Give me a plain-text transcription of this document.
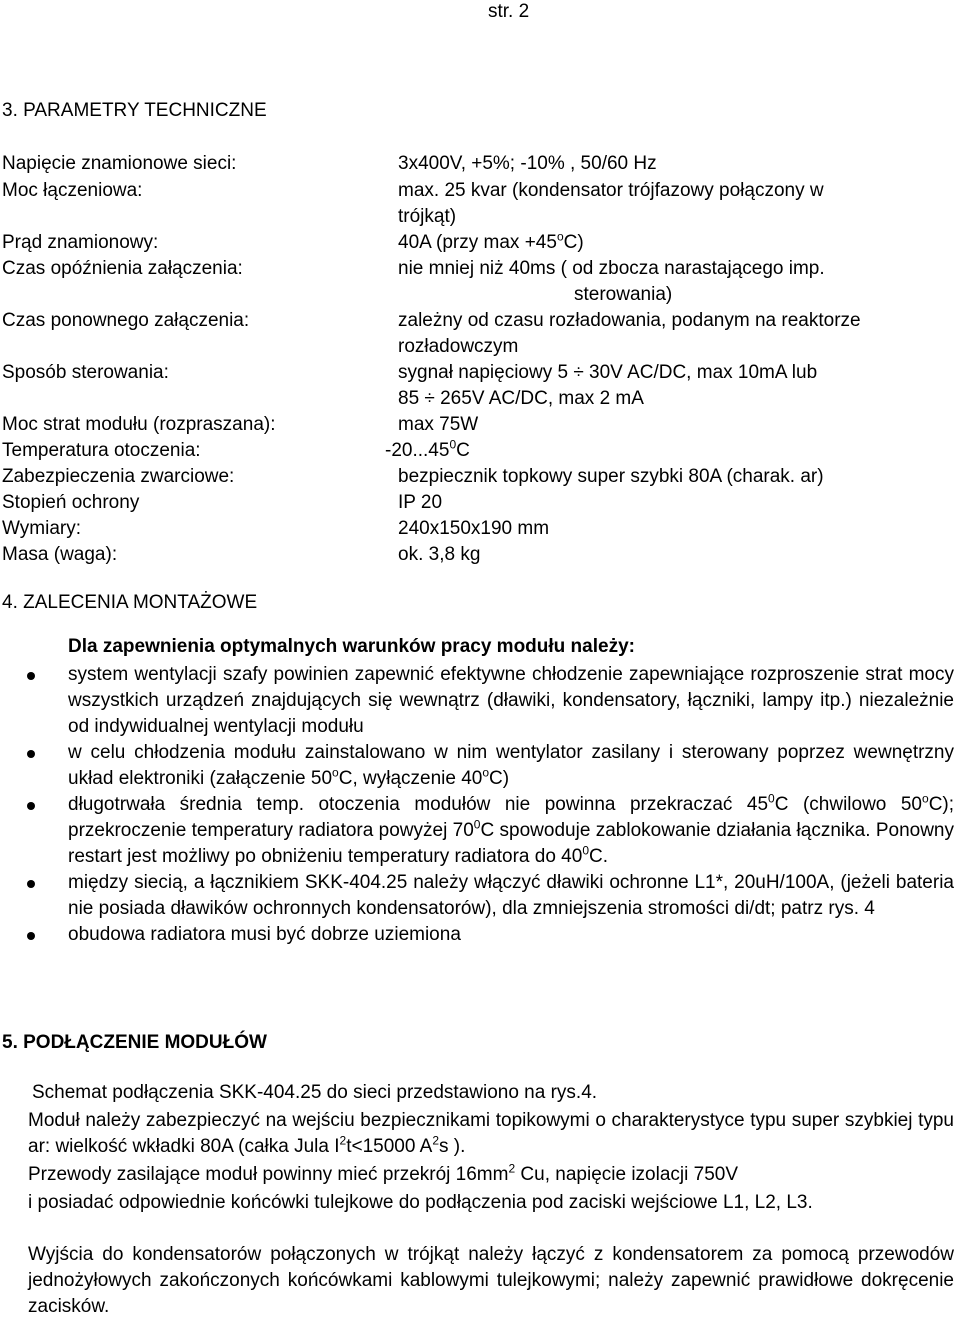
str. 2
3. PARAMETRY TECHNICZNE
Napięcie znamionowe sieci:	3x400V, +5%; -10% , 50/60 Hz
Moc łączeniowa:	max. 25 kvar (kondensator trójfazowy połączony w
trójkąt)
Prąd znamionowy:	40A (przy $\max +45^oC$)
Czas opóźnienia załączenia:	nie mniej niż 40ms ( od zbocza narastającego imp.
sterowania)
Czas ponownego załączenia:	zależny od czasu rozładowania, podanym na reaktorze
rozładowczym
Sposób sterowania:	sygnał napięciowy 5 ÷ 30V AC/DC, max 10mA lub
85 ÷ 265V AC/DC, max 2 mA
Moc strat modułu (rozpraszana):	max 75W
Temperatura otoczenia:	-20...45$^0$C
Zabezpieczenia zwarciowe:	bezpiecznik topkowy super szybki 80A (charak. ar)
Stopień ochrony	IP 20
Wymiary:	240x150x190 mm
Masa (waga):	ok. 3,8 kg
4. ZALECENIA MONTAŻOWE
Dla zapewnienia optymalnych warunków pracy modułu należy:
system wentylacji szafy powinien zapewnić efektywne chłodzenie zapewniające rozproszenie strat mocy wszystkich urządzeń znajdujących się wewnątrz (dławiki, kondensatory, łączniki, lampy itp.) niezależnie od indywidualnej wentylacji modułu
w celu chłodzenia modułu zainstalowano w nim wentylator zasilany i sterowany poprzez wewnętrzny układ elektroniki (załączenie 50$^o$C, wyłączenie 40$^o$C)
długotrwała średnia temp. otoczenia modułów nie powinna przekraczać $45^0C$ (chwilowo 50$^o$C); przekroczenie temperatury radiatora powyżej $70^0C$ spowoduje zablokowanie działania łącznika. Ponowny restart jest możliwy po obniżeniu temperatury radiatora do $40^0C$.
między siecią, a łącznikiem SKK-404.25 należy włączyć dławiki ochronne L1*, 20uH/100A, (jeżeli bateria nie posiada dławików ochronnych kondensatorów), dla zmniejszenia stromości di/dt; patrz rys. 4
obudowa radiatora musi być dobrze uziemiona
5. PODŁĄCZENIE MODUŁÓW
Schemat podłączenia SKK-404.25 do sieci przedstawiono na rys.4.
Moduł należy zabezpieczyć na wejściu bezpiecznikami topikowymi o charakterystyce typu super szybkiej typu ar: wielkość wkładki 80A (całka Jula $I^2t<15000$ $A^2s$ ).
Przewody zasilające moduł powinny mieć przekrój $16mm^2$ Cu, napięcie izolacji 750V
i posiadać odpowiednie końcówki tulejkowe do podłączenia pod zaciski wejściowe L1, L2, L3.
Wyjścia do kondensatorów połączonych w trójkąt należy łączyć z kondensatorem za pomocą przewodów jednożyłowych zakończonych końcówkami kablowymi tulejkowymi; należy zapewnić prawidłowe dokręcenie zacisków.
